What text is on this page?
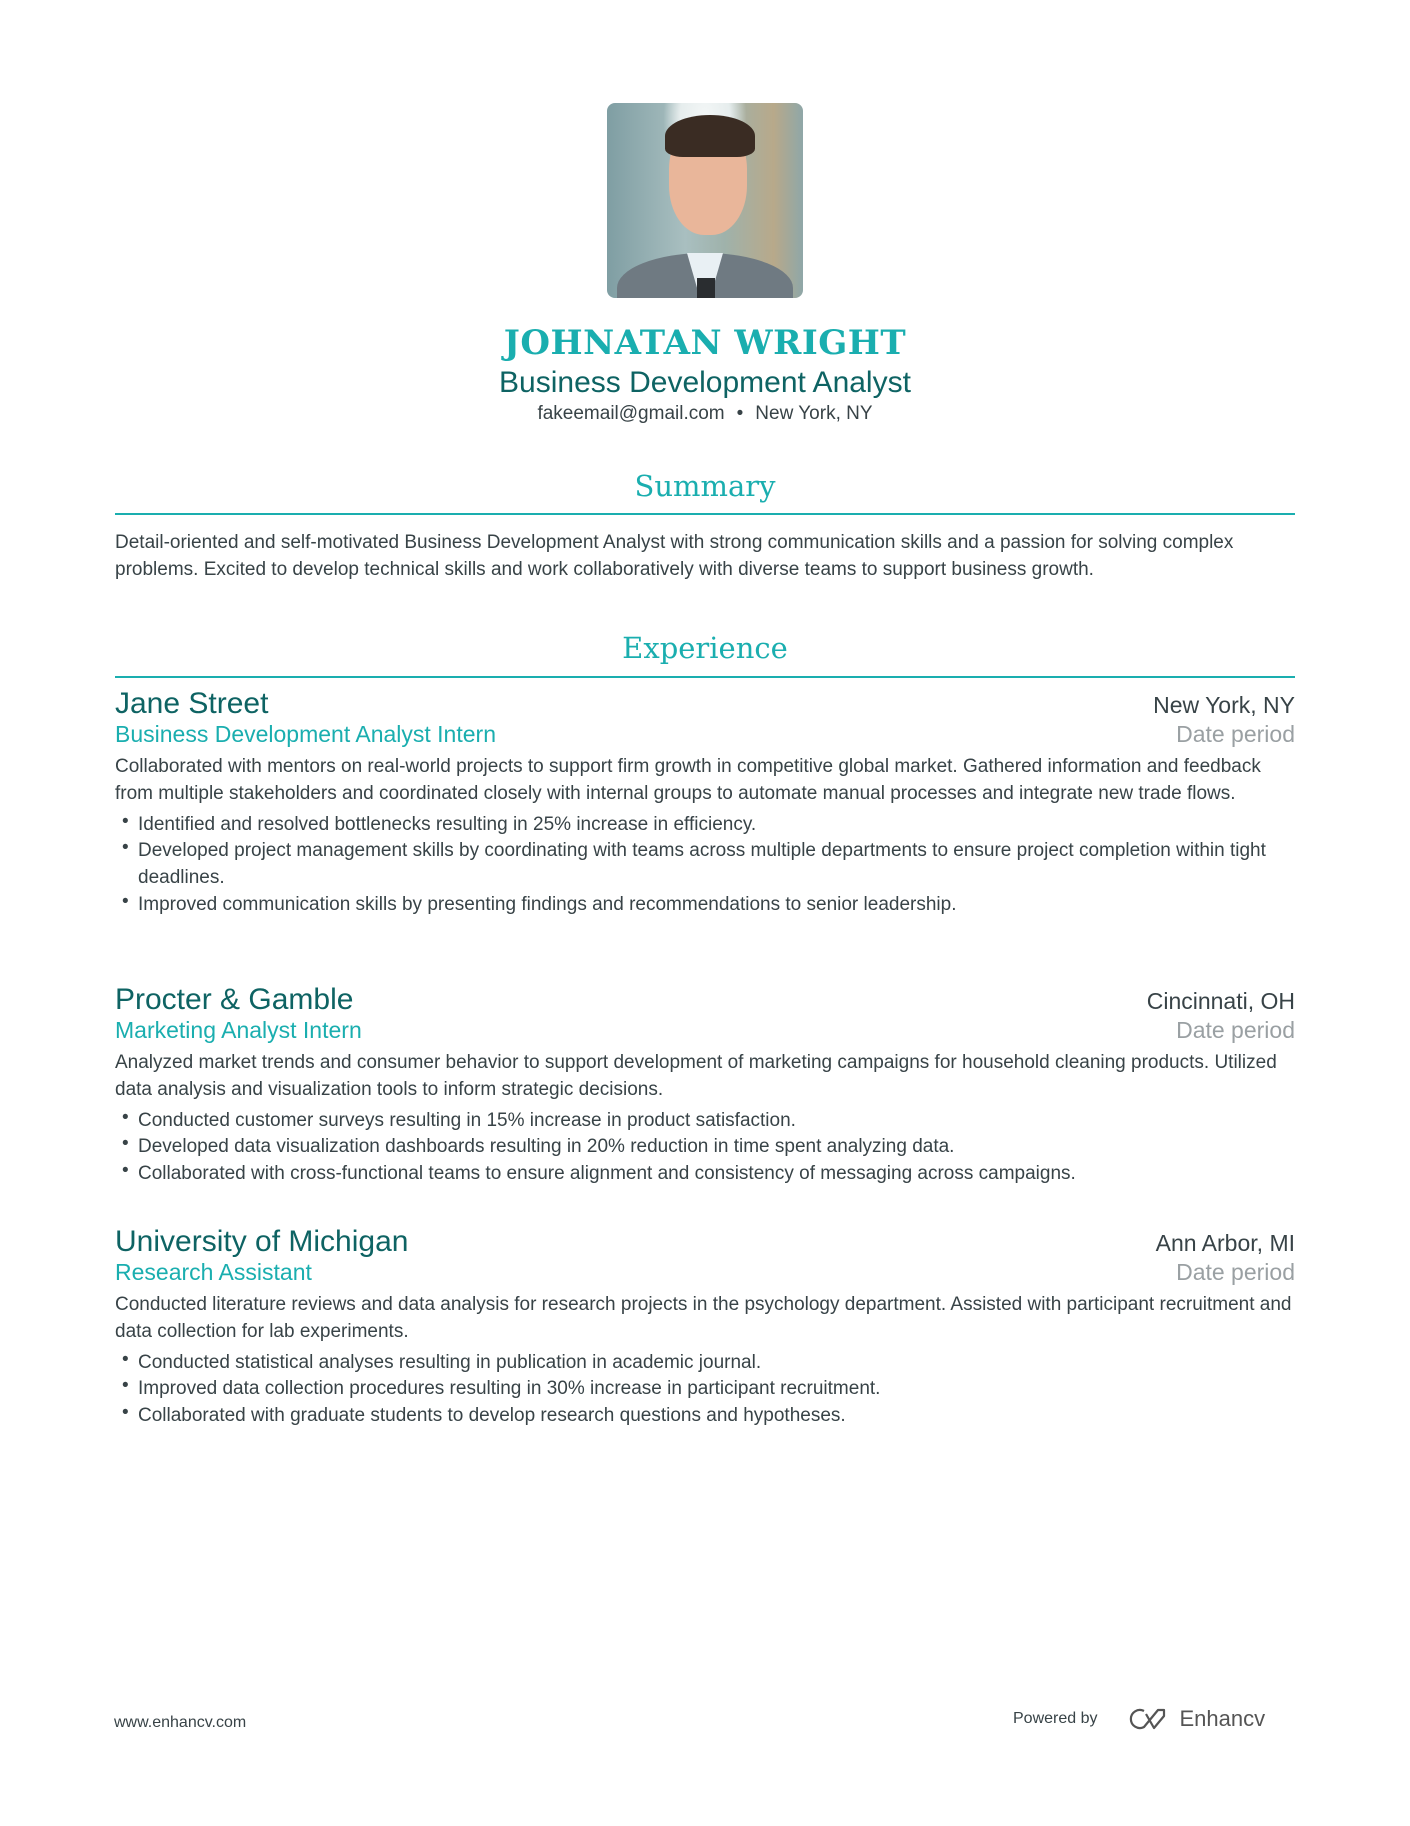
JOHNATAN WRIGHT
Business Development Analyst
fakeemail@gmail.com • New York, NY
Summary
Detail-oriented and self-motivated Business Development Analyst with strong communication skills and a passion for solving complex problems. Excited to develop technical skills and work collaboratively with diverse teams to support business growth.
Experience
Jane Street	New York, NY
Business Development Analyst Intern	Date period
Collaborated with mentors on real-world projects to support firm growth in competitive global market. Gathered information and feedback from multiple stakeholders and coordinated closely with internal groups to automate manual processes and integrate new trade flows.
• Identified and resolved bottlenecks resulting in 25% increase in efficiency.
• Developed project management skills by coordinating with teams across multiple departments to ensure project completion within tight deadlines.
• Improved communication skills by presenting findings and recommendations to senior leadership.
Procter & Gamble	Cincinnati, OH
Marketing Analyst Intern	Date period
Analyzed market trends and consumer behavior to support development of marketing campaigns for household cleaning products. Utilized data analysis and visualization tools to inform strategic decisions.
• Conducted customer surveys resulting in 15% increase in product satisfaction.
• Developed data visualization dashboards resulting in 20% reduction in time spent analyzing data.
• Collaborated with cross-functional teams to ensure alignment and consistency of messaging across campaigns.
University of Michigan	Ann Arbor, MI
Research Assistant	Date period
Conducted literature reviews and data analysis for research projects in the psychology department. Assisted with participant recruitment and data collection for lab experiments.
• Conducted statistical analyses resulting in publication in academic journal.
• Improved data collection procedures resulting in 30% increase in participant recruitment.
• Collaborated with graduate students to develop research questions and hypotheses.
www.enhancv.com	Powered by	Enhancv
